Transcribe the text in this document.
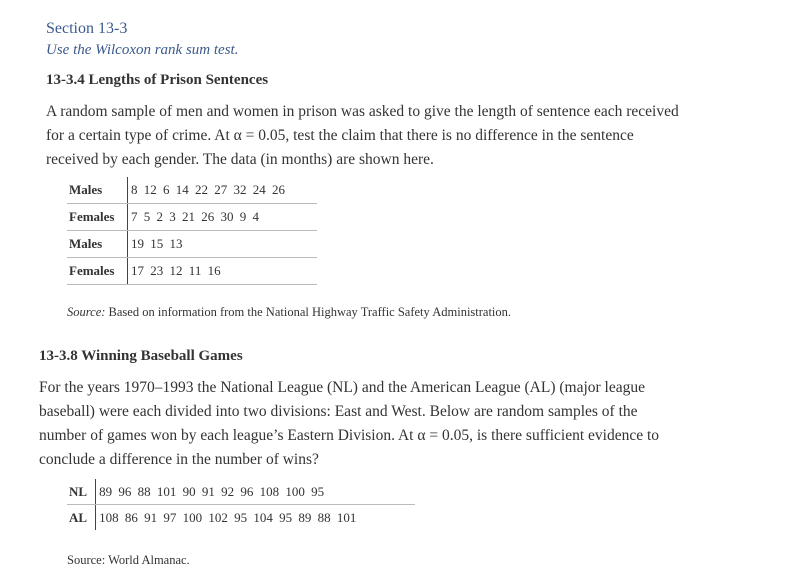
Section 13-3
Use the Wilcoxon rank sum test.
13-3.4 Lengths of Prison Sentences
A random sample of men and women in prison was asked to give the length of sentence each received
for a certain type of crime. At α = 0.05, test the claim that there is no difference in the sentence
received by each gender. The data (in months) are shown here.
Males	8 12 6 14 22 27 32 24 26
Females	7 5 2 3 21 26 30 9 4
Males	19 15 13
Females	17 23 12 11 16
Source: Based on information from the National Highway Traffic Safety Administration.
13-3.8 Winning Baseball Games
For the years 1970–1993 the National League (NL) and the American League (AL) (major league
baseball) were each divided into two divisions: East and West. Below are random samples of the
number of games won by each league’s Eastern Division. At α = 0.05, is there sufficient evidence to
conclude a difference in the number of wins?
NL	89 96 88 101 90 91 92 96 108 100 95
AL	108 86 91 97 100 102 95 104 95 89 88 101
Source: World Almanac.
